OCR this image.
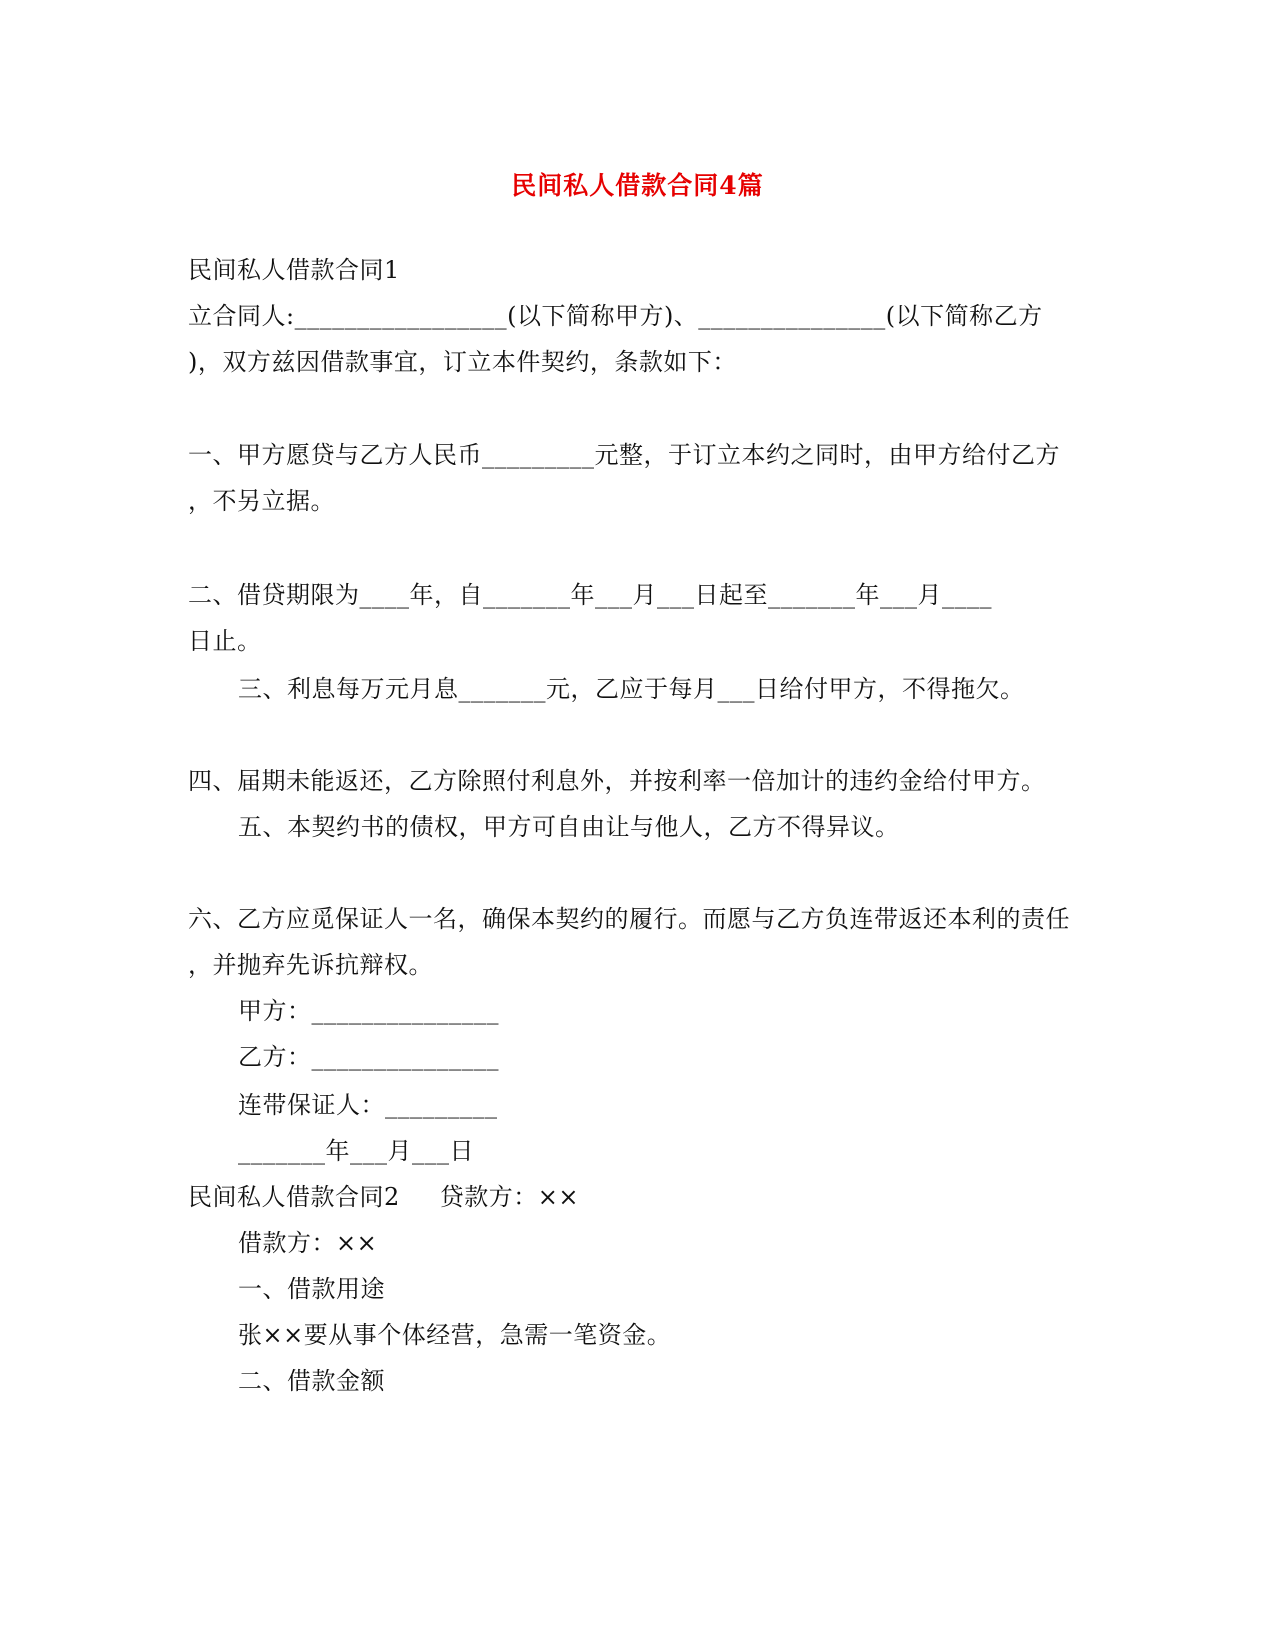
民间私人借款合同4篇
民间私人借款合同1
立合同人:_________________(以下简称甲方)、_______________(以下简称乙方
)，双方兹因借款事宜，订立本件契约，条款如下：
一、甲方愿贷与乙方人民币_________元整，于订立本约之同时，由甲方给付乙方
，不另立据。
二、借贷期限为____年，自_______年___月___日起至_______年___月____
日止。
三、利息每万元月息_______元，乙应于每月___日给付甲方，不得拖欠。
四、届期未能返还，乙方除照付利息外，并按利率一倍加计的违约金给付甲方。
五、本契约书的债权，甲方可自由让与他人，乙方不得异议。
六、乙方应觅保证人一名，确保本契约的履行。而愿与乙方负连带返还本利的责任
，并抛弃先诉抗辩权。
甲方：_______________
乙方：_______________
连带保证人：_________
_______年___月___日
民间私人借款合同2 贷款方：××
借款方：××
一、借款用途
张××要从事个体经营，急需一笔资金。
二、借款金额
